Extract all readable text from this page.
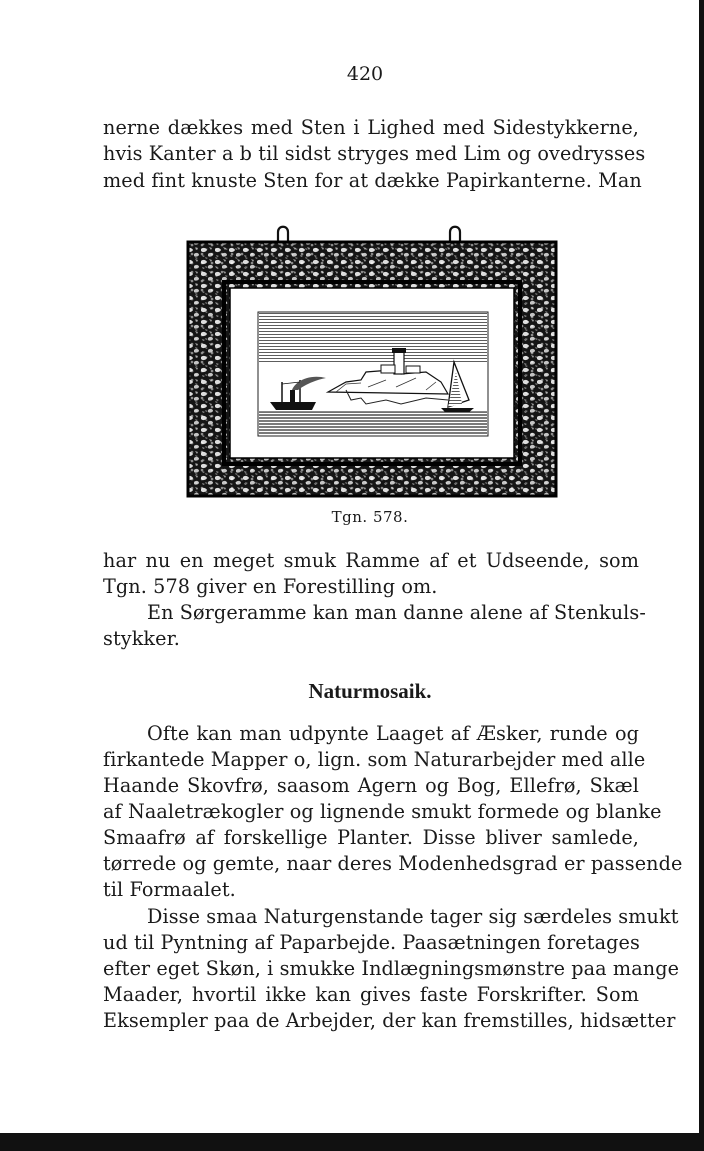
420
nerne dækkes med Sten i Lighed med Sidestykkerne,
hvis Kanter a b til sidst stryges med Lim og ovedrysses
med fint knuste Sten for at dække Papirkanterne. Man
Tgn. 578.
har nu en meget smuk Ramme af et Udseende, som
Tgn. 578 giver en Forestilling om.
En Sørgeramme kan man danne alene af Stenkuls-
stykker.
Naturmosaik.
Ofte kan man udpynte Laaget af Æsker, runde og
firkantede Mapper o, lign. som Naturarbejder med alle
Haande Skovfrø, saasom Agern og Bog, Ellefrø, Skæl
af Naaletrækogler og lignende smukt formede og blanke
Smaafrø af forskellige Planter. Disse bliver samlede,
tørrede og gemte, naar deres Modenhedsgrad er passende
til Formaalet.
Disse smaa Naturgenstande tager sig særdeles smukt
ud til Pyntning af Paparbejde. Paasætningen foretages
efter eget Skøn, i smukke Indlægningsmønstre paa mange
Maader, hvortil ikke kan gives faste Forskrifter. Som
Eksempler paa de Arbejder, der kan fremstilles, hidsætter
